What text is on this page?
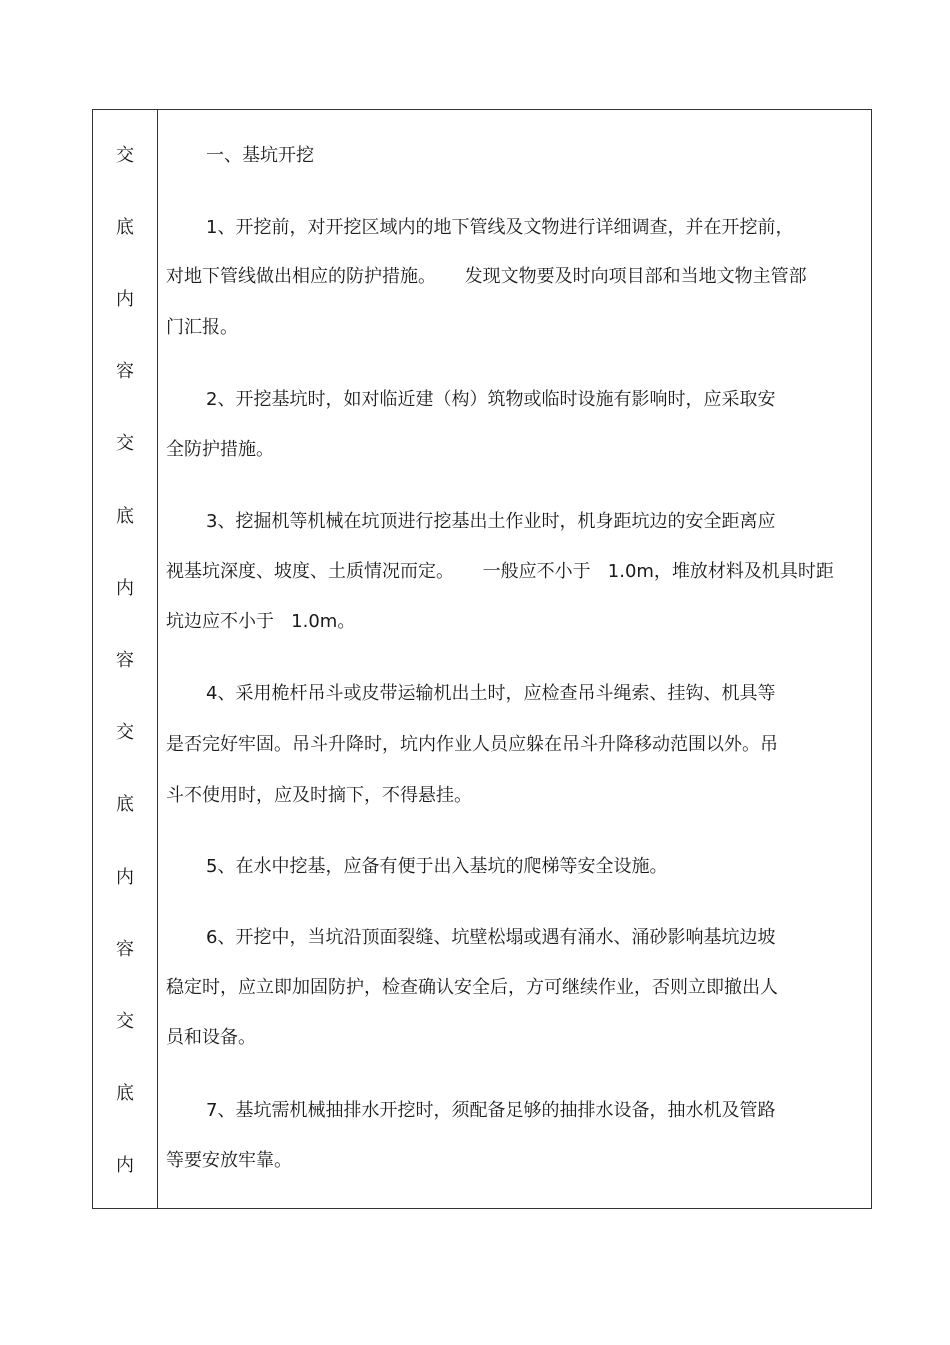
交
底
内
容
交
底
内
容
交
底
内
容
交
底
内
一、基坑开挖
1、开挖前，对开挖区域内的地下管线及文物进行详细调查，并在开挖前，
对地下管线做出相应的防护措施。     发现文物要及时向项目部和当地文物主管部
门汇报。
2、开挖基坑时，如对临近建（构）筑物或临时设施有影响时，应采取安
全防护措施。
3、挖掘机等机械在坑顶进行挖基出土作业时，机身距坑边的安全距离应
视基坑深度、坡度、土质情况而定。     一般应不小于   1.0m，堆放材料及机具时距
坑边应不小于   1.0m。
4、采用桅杆吊斗或皮带运输机出土时，应检查吊斗绳索、挂钩、机具等
是否完好牢固。吊斗升降时，坑内作业人员应躲在吊斗升降移动范围以外。吊
斗不使用时，应及时摘下，不得悬挂。
5、在水中挖基，应备有便于出入基坑的爬梯等安全设施。
6、开挖中，当坑沿顶面裂缝、坑壁松塌或遇有涌水、涌砂影响基坑边坡
稳定时，应立即加固防护，检查确认安全后，方可继续作业，否则立即撤出人
员和设备。
7、基坑需机械抽排水开挖时，须配备足够的抽排水设备，抽水机及管路
等要安放牢靠。
